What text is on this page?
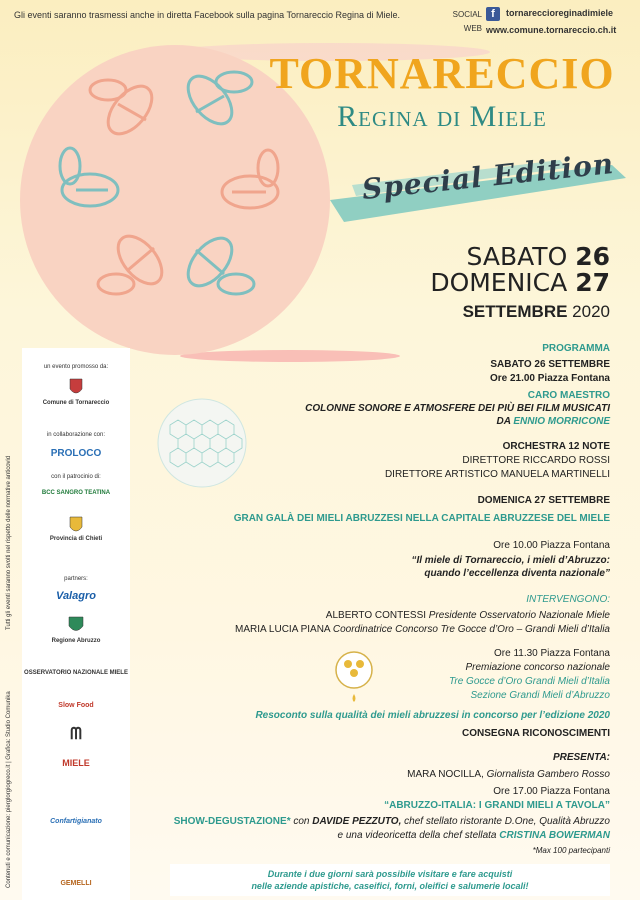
Gli eventi saranno trasmessi anche in diretta Facebook sulla pagina Tornareccio Regina di Miele.	SOCIAL
WEB
f	tornareccioreginadimiele
www.comune.tornareccio.ch.it
TORNARECCIO
Regina di Miele
Special Edition
SABATO 26
DOMENICA 27
SETTEMBRE 2020
PROGRAMMA
SABATO 26 SETTEMBRE
Ore 21.00 Piazza Fontana
CARO MAESTRO
COLONNE SONORE E ATMOSFERE DEI PIÙ BEI FILM MUSICATI
DA ENNIO MORRICONE
ORCHESTRA 12 NOTE
DIRETTORE RICCARDO ROSSI
DIRETTORE ARTISTICO MANUELA MARTINELLI
DOMENICA 27 SETTEMBRE
GRAN GALÀ DEI MIELI ABRUZZESI NELLA CAPITALE ABRUZZESE DEL MIELE
Ore 10.00 Piazza Fontana
“Il miele di Tornareccio, i mieli d’Abruzzo:
quando l’eccellenza diventa nazionale”
INTERVENGONO:
ALBERTO CONTESSI Presidente Osservatorio Nazionale Miele
MARIA LUCIA PIANA Coordinatrice Concorso Tre Gocce d’Oro – Grandi Mieli d’Italia
Ore 11.30 Piazza Fontana
Premiazione concorso nazionale
Tre Gocce d’Oro Grandi Mieli d’Italia
Sezione Grandi Mieli d’Abruzzo
Resoconto sulla qualità dei mieli abruzzesi in concorso per l’edizione 2020
CONSEGNA RICONOSCIMENTI
PRESENTA:
MARA NOCILLA, Giornalista Gambero Rosso
Ore 17.00 Piazza Fontana
“ABRUZZO-ITALIA: I GRANDI MIELI A TAVOLA”
SHOW-DEGUSTAZIONE* con DAVIDE PEZZUTO, chef stellato ristorante D.One, Qualità Abruzzo
e una videoricetta della chef stellata CRISTINA BOWERMAN
*Max 100 partecipanti
Durante i due giorni sarà possibile visitare e fare acquisti
nelle aziende apistiche, caseifici, forni, oleifici e salumerie locali!
un evento promosso da:
Comune di Tornareccio
in collaborazione con:
PROLOCO
con il patrocinio di:
BCC SANGRO TEATINA
Provincia di Chieti
partners:
Valagro
Regione Abruzzo
OSSERVATORIO NAZIONALE MIELE
Slow Food
ᗰ
MIELE
Confartigianato
GEMELLI
Tutti gli eventi saranno svolti nel rispetto delle normative anticovid
Contenuti e comunicazione: pierglorgiogreco.it | Grafica: Studio Comunika
